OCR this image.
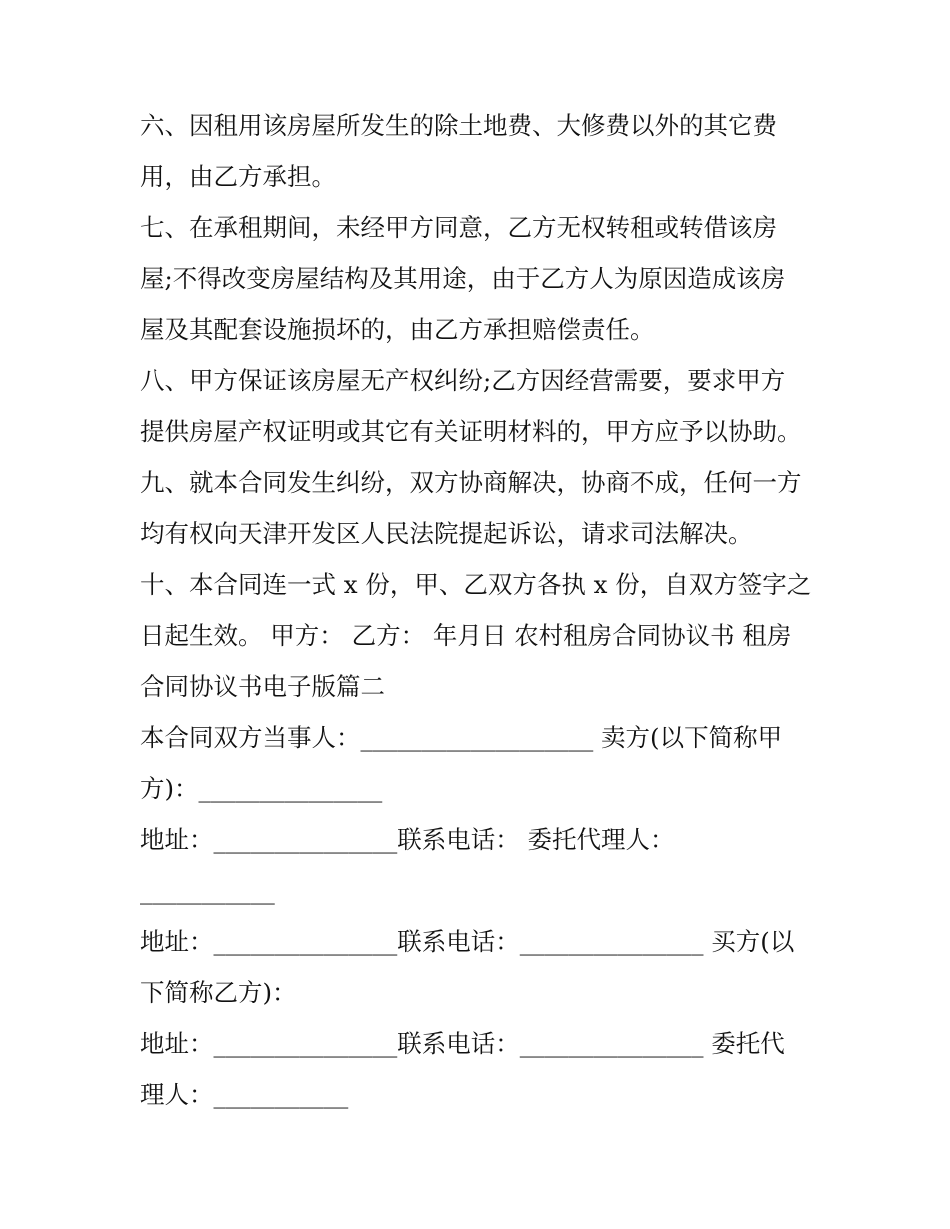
六、因租用该房屋所发生的除土地费、大修费以外的其它费
用，由乙方承担。
七、在承租期间，未经甲方同意，乙方无权转租或转借该房
屋;不得改变房屋结构及其用途，由于乙方人为原因造成该房
屋及其配套设施损坏的，由乙方承担赔偿责任。
八、甲方保证该房屋无产权纠纷;乙方因经营需要，要求甲方
提供房屋产权证明或其它有关证明材料的，甲方应予以协助。
九、就本合同发生纠纷，双方协商解决，协商不成，任何一方
均有权向天津开发区人民法院提起诉讼，请求司法解决。
十、本合同连一式 x 份，甲、乙双方各执 x 份，自双方签字之
日起生效。 甲方： 乙方： 年月日 农村租房合同协议书 租房
合同协议书电子版篇二
本合同双方当事人：___________________ 卖方(以下简称甲
方)：_______________
地址：_______________联系电话： 委托代理人：
___________
地址：_______________联系电话：_______________ 买方(以
下简称乙方)：
地址：_______________联系电话：_______________ 委托代
理人：___________
